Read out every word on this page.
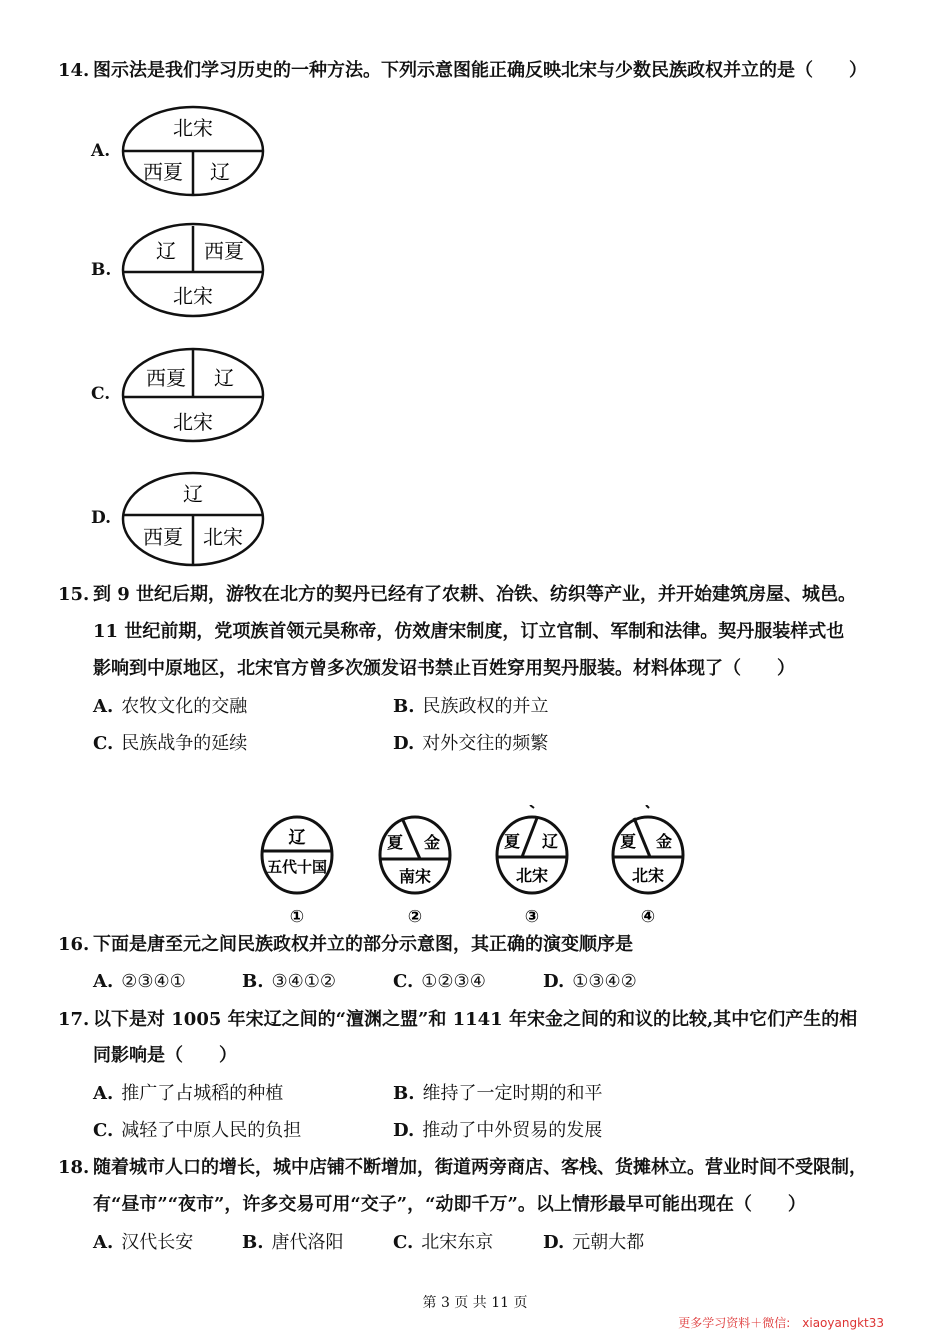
14. 图示法是我们学习历史的一种方法。下列示意图能正确反映北宋与少数民族政权并立的是（　　）
A.
北宋
西夏 辽
B.
辽 西夏
北宋
C.
西夏 辽
北宋
D.
辽
西夏 北宋
15. 到 9 世纪后期，游牧在北方的契丹已经有了农耕、冶铁、纺织等产业，并开始建筑房屋、城邑。
11 世纪前期，党项族首领元昊称帝，仿效唐宋制度，订立官制、军制和法律。契丹服装样式也
影响到中原地区，北宋官方曾多次颁发诏书禁止百姓穿用契丹服装。材料体现了（　　）
A. 农牧文化的交融	B. 民族政权的并立
C. 民族战争的延续	D. 对外交往的频繁
辽
五代十国
①
夏 金
南宋
②
夏 辽
北宋
③
夏 金
北宋
④
16. 下面是唐至元之间民族政权并立的部分示意图，其正确的演变顺序是
A. ②③④①	B. ③④①②	C. ①②③④	D. ①③④②
17. 以下是对 1005 年宋辽之间的“澶渊之盟”和 1141 年宋金之间的和议的比较,其中它们产生的相
同影响是（　　）
A. 推广了占城稻的种植	B. 维持了一定时期的和平
C. 减轻了中原人民的负担	D. 推动了中外贸易的发展
18. 随着城市人口的增长，城中店铺不断增加，街道两旁商店、客栈、货摊林立。营业时间不受限制，
有“昼市”“夜市”，许多交易可用“交子”，“动即千万”。以上情形最早可能出现在（　　）
A. 汉代长安	B. 唐代洛阳	C. 北宋东京	D. 元朝大都
第 3 页 共 11 页
更多学习资料＋微信:　xiaoyangkt33
